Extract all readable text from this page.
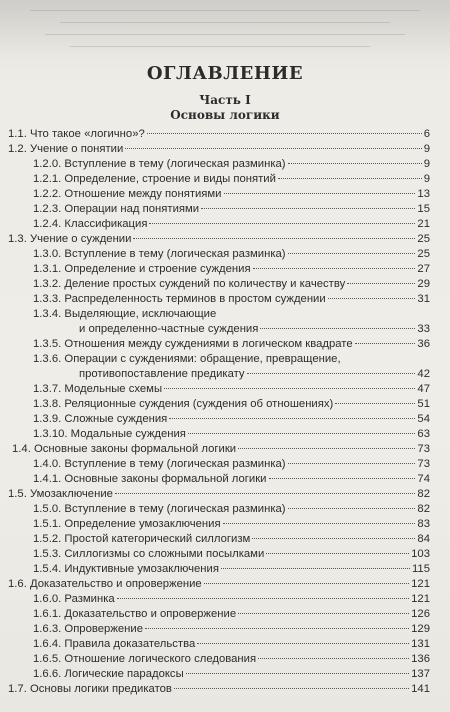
ОГЛАВЛЕНИЕ
Часть I
Основы логики
1.1. Что такое «логично»?	6
1.2. Учение о понятии	9
1.2.0. Вступление в тему (логическая разминка)	9
1.2.1. Определение, строение и виды понятий	9
1.2.2. Отношение между понятиями	13
1.2.3. Операции над понятиями	15
1.2.4. Классификация	21
1.3. Учение о суждении	25
1.3.0. Вступление в тему (логическая разминка)	25
1.3.1. Определение и строение суждения	27
1.3.2. Деление простых суждений по количеству и качеству	29
1.3.3. Распределенность терминов в простом суждении	31
1.3.4. Выделяющие, исключающие
и определенно-частные суждения	33
1.3.5. Отношения между суждениями в логическом квадрате	36
1.3.6. Операции с суждениями: обращение, превращение,
противопоставление предикату	42
1.3.7. Модельные схемы	47
1.3.8. Реляционные суждения (суждения об отношениях)	51
1.3.9. Сложные суждения	54
1.3.10. Модальные суждения	63
1.4. Основные законы формальной логики	73
1.4.0. Вступление в тему (логическая разминка)	73
1.4.1. Основные законы формальной логики	74
1.5. Умозаключение	82
1.5.0. Вступление в тему (логическая разминка)	82
1.5.1. Определение умозаключения	83
1.5.2. Простой категорический силлогизм	84
1.5.3. Силлогизмы со сложными посылками	103
1.5.4. Индуктивные умозаключения	115
1.6. Доказательство и опровержение	121
1.6.0. Разминка	121
1.6.1. Доказательство и опровержение	126
1.6.3. Опровержение	129
1.6.4. Правила доказательства	131
1.6.5. Отношение логического следования	136
1.6.6. Логические парадоксы	137
1.7. Основы логики предикатов	141
